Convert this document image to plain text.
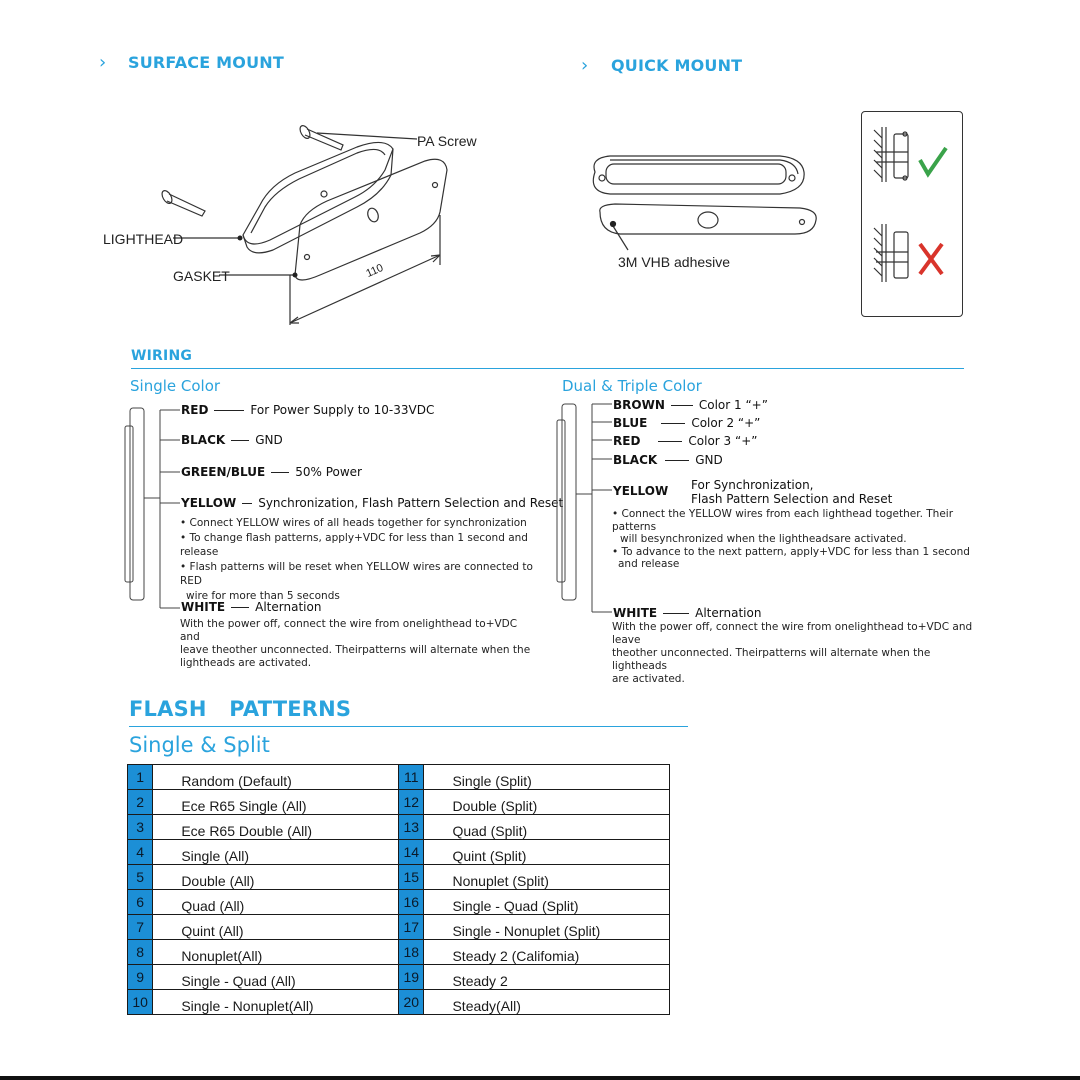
› SURFACE MOUNT
PA Screw
LIGHTHEAD
GASKET	110
› QUICK MOUNT
3M VHB adhesive
WIRING
Single Color
RED	For Power Supply to 10-33VDC
BLACK	GND
GREEN/BLUE	50% Power
YELLOW Synchronization, Flash Pattern Selection and Reset
• Connect YELLOW wires of all heads together for synchronization
• To change flash patterns, apply+VDC for less than 1 second and release
• Flash patterns will be reset when YELLOW wires are connected to RED
wire for more than 5 seconds
WHITE	Alternation
With the power off, connect the wire from onelighthead to+VDC and
leave theother unconnected. Theirpatterns will alternate when the
lightheads are activated.
Dual & Triple Color
BROWN	Color 1 “+”
BLUE	Color 2 “+”
RED	Color 3 “+”
BLACK	GND
YELLOW For Synchronization,
Flash Pattern Selection and Reset
• Connect the YELLOW wires from each lighthead together. Their patterns
will besynchronized when the lightheadsare activated.
• To advance to the next pattern, apply+VDC for less than 1 second
and release
WHITE	Alternation
With the power off, connect the wire from onelighthead to+VDC and leave
theother unconnected. Theirpatterns will alternate when the lightheads
are activated.
FLASH   PATTERNS
Single & Split
1	Random (Default)	11	Single (Split)
2	Ece R65 Single (All)	12	Double (Split)
3	Ece R65 Double (All)	13	Quad (Split)
4	Single (All)	14	Quint (Split)
5	Double (All)	15	Nonuplet (Split)
6	Quad (All)	16	Single - Quad (Split)
7	Quint (All)	17	Single - Nonuplet (Split)
8	Nonuplet(All)	18	Steady 2 (Califomia)
9	Single - Quad (All)	19	Steady 2
10	Single - Nonuplet(All)	20	Steady(All)
